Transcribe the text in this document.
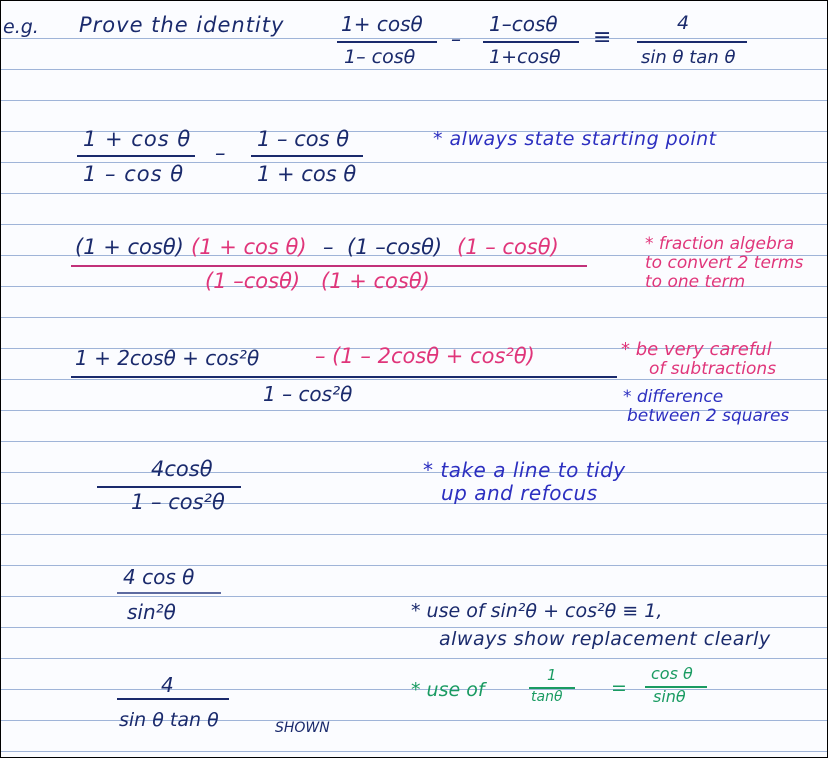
e.g. Prove the identity	1+ cosθ
1– cosθ
–
1–cosθ
1+cosθ
≡
4
sin θ tan θ
1 + cos θ
1 – cos θ
–
1 – cos θ
1 + cos θ
* always state starting point
(1 + cosθ) (1 + cos θ) – (1 –cosθ) (1 – cosθ)
(1 –cosθ) (1 + cosθ)
* fraction algebra
to convert 2 terms
to one term
1 + 2cosθ + cos²θ	– (1 – 2cosθ + cos²θ)
1 – cos²θ
* be very careful
of subtractions
* difference
between 2 squares
4cosθ
1 – cos²θ
* take a line to tidy
up and refocus
4 cos θ
sin²θ	* use of sin²θ + cos²θ ≡ 1,
always show replacement clearly
4
sin θ tan θ	SHOWN
* use of
1
tanθ	=
cos θ
sinθ
